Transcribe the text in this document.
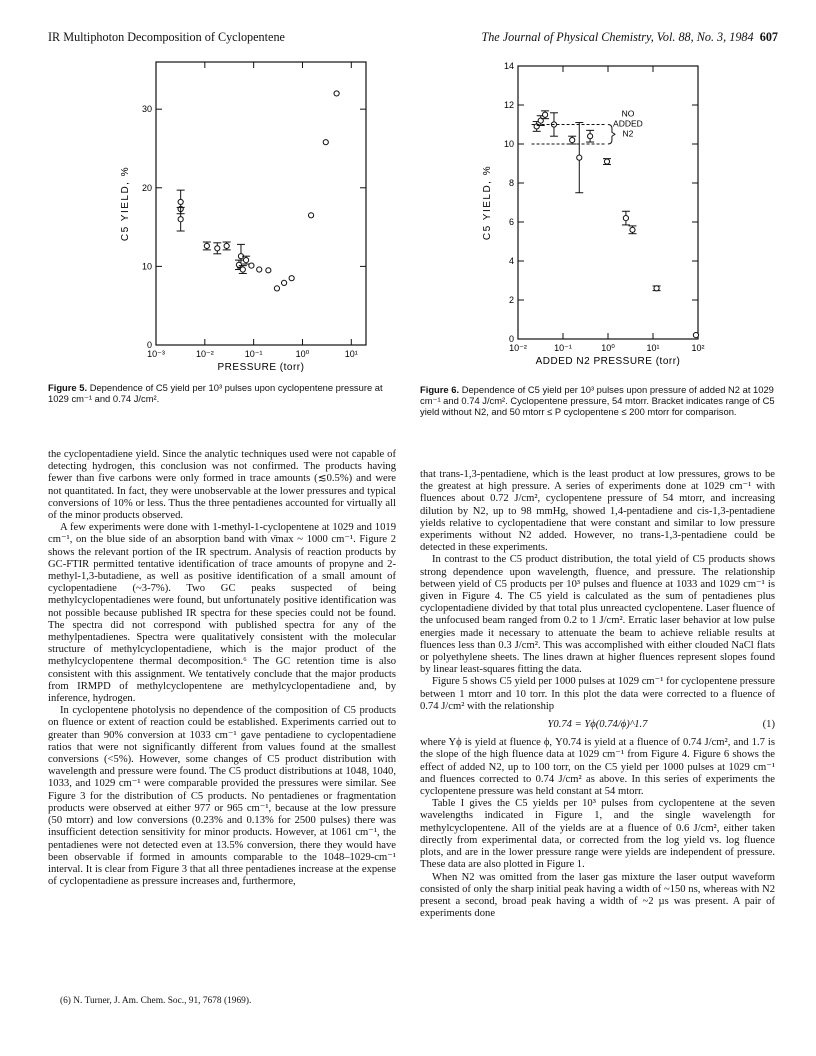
IR Multiphoton Decomposition of Cyclopentene	The Journal of Physical Chemistry, Vol. 88, No. 3, 1984 607
10⁻³	10⁻²	10⁻¹	10⁰	10¹
0
10
20
30
PRESSURE (torr)
C5 YIELD, %
Figure 5. Dependence of C5 yield per 10³ pulses upon cyclopentene pressure at 1029 cm⁻¹ and 0.74 J/cm².
10⁻²	10⁻¹	10⁰	10¹	10²
0
2
4
6
8
10
12
14
ADDED N2 PRESSURE (torr)
C5 YIELD, %
NO
ADDED
N2
Figure 6. Dependence of C5 yield per 10³ pulses upon pressure of added N2 at 1029 cm⁻¹ and 0.74 J/cm². Cyclopentene pressure, 54 mtorr. Bracket indicates range of C5 yield without N2, and 50 mtorr ≤ P cyclopentene ≤ 200 mtorr for comparison.

the cyclopentadiene yield. Since the analytic techniques used were not capable of detecting hydrogen, this conclusion was not confirmed. The products having fewer than five carbons were only formed in trace amounts (≲0.5%) and were not quantitated. In fact, they were unobservable at the lower pressures and typical conversions of 10% or less. Thus the three pentadienes accounted for virtually all of the minor products observed.

A few experiments were done with 1-methyl-1-cyclopentene at 1029 and 1019 cm⁻¹, on the blue side of an absorption band with ν̄max ~ 1000 cm⁻¹. Figure 2 shows the relevant portion of the IR spectrum. Analysis of reaction products by GC-FTIR permitted tentative identification of trace amounts of propyne and 2-methyl-1,3-butadiene, as well as positive identification of a small amount of cyclopentadiene (~3-7%). Two GC peaks suspected of being methylcyclopentadienes were found, but unfortunately positive identification was not possible because published IR spectra for these species could not be found. The spectra did not correspond with published spectra for any of the methylpentadienes. Spectra were qualitatively consistent with the molecular structure of methylcyclopentadiene, which is the major product of the methylcyclopentene thermal decomposition.⁶ The GC retention time is also consistent with this assignment. We tentatively conclude that the major products from IRMPD of methylcyclopentene are methylcyclopentadiene and, by inference, hydrogen.

In cyclopentene photolysis no dependence of the composition of C5 products on fluence or extent of reaction could be established. Experiments carried out to greater than 90% conversion at 1033 cm⁻¹ gave pentadiene to cyclopentadiene ratios that were not significantly different from values found at the smallest conversions (<5%). However, some changes of C5 product distribution with wavelength and pressure were found. The C5 product distributions at 1048, 1040, 1033, and 1029 cm⁻¹ were comparable provided the pressures were similar. See Figure 3 for the distribution of C5 products. No pentadienes or fragmentation products were observed at either 977 or 965 cm⁻¹, because at the low pressure (50 mtorr) and low conversions (0.23% and 0.13% for 2500 pulses) there was insufficient detection sensitivity for minor products. However, at 1061 cm⁻¹, the pentadienes were not detected even at 13.5% conversion, there they would have been observable if formed in amounts comparable to the 1048–1029-cm⁻¹ interval. It is clear from Figure 3 that all three pentadienes increase at the expense of cyclopentadiene as pressure increases and, furthermore,

that trans-1,3-pentadiene, which is the least product at low pressures, grows to be the greatest at high pressure. A series of experiments done at 1029 cm⁻¹ with fluences about 0.72 J/cm², cyclopentene pressure of 54 mtorr, and increasing dilution by N2, up to 98 mmHg, showed 1,4-pentadiene and cis-1,3-pentadiene yields relative to cyclopentadiene that were constant and similar to low pressure experiments without N2 added. However, no trans-1,3-pentadiene could be detected in these experiments.

In contrast to the C5 product distribution, the total yield of C5 products shows strong dependence upon wavelength, fluence, and pressure. The relationship between yield of C5 products per 10³ pulses and fluence at 1033 and 1029 cm⁻¹ is given in Figure 4. The C5 yield is calculated as the sum of pentadienes plus cyclopentadiene divided by that total plus unreacted cyclopentene. Laser fluence of the unfocused beam ranged from 0.2 to 1 J/cm². Erratic laser behavior at low pulse energies made it necessary to attenuate the beam to achieve reliable results at fluences less than 0.3 J/cm². This was accomplished with either clouded NaCl flats or polyethylene sheets. The lines drawn at higher fluences represent slopes found by linear least-squares fitting the data.

Figure 5 shows C5 yield per 1000 pulses at 1029 cm⁻¹ for cyclopentene pressure between 1 mtorr and 10 torr. In this plot the data were corrected to a fluence of 0.74 J/cm² with the relationship

Y0.74 = Yϕ(0.74/ϕ)^1.7	(1)

where Yϕ is yield at fluence ϕ, Y0.74 is yield at a fluence of 0.74 J/cm², and 1.7 is the slope of the high fluence data at 1029 cm⁻¹ from Figure 4. Figure 6 shows the effect of added N2, up to 100 torr, on the C5 yield per 1000 pulses at 1029 cm⁻¹ and fluences corrected to 0.74 J/cm² as above. In this series of experiments the cyclopentene pressure was held constant at 54 mtorr.

Table I gives the C5 yields per 10³ pulses from cyclopentene at the seven wavelengths indicated in Figure 1, and the single wavelength for methylcyclopentene. All of the yields are at a fluence of 0.6 J/cm², either taken directly from experimental data, or corrected from the log yield vs. log fluence plots, and are in the lower pressure range were yields are independent of pressure. These data are also plotted in Figure 1.

When N2 was omitted from the laser gas mixture the laser output waveform consisted of only the sharp initial peak having a width of ~150 ns, whereas with N2 present a second, broad peak having a width of ~2 µs was present. A pair of experiments done

(6) N. Turner, J. Am. Chem. Soc., 91, 7678 (1969).
